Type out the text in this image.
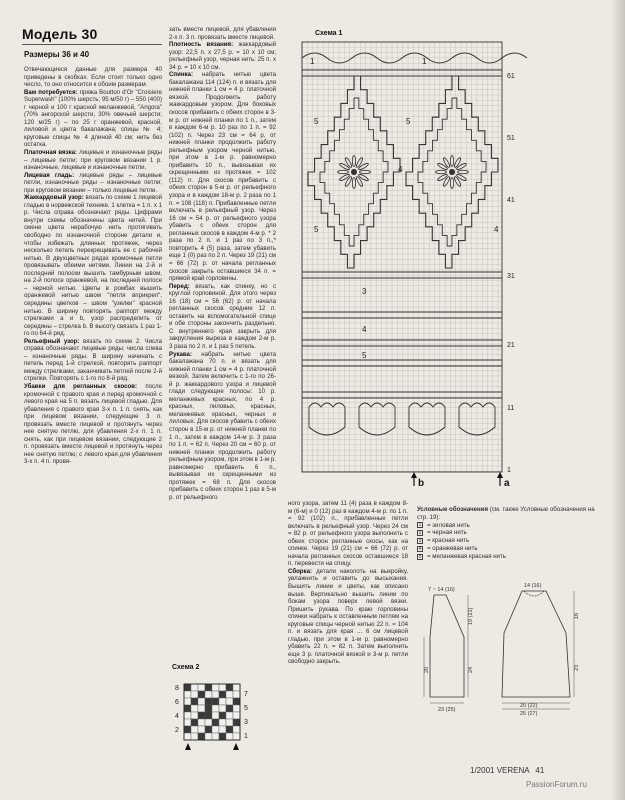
Модель 30
Размеры 36 и 40

Отвечающиеся данные для размера 40 приведены в скобках. Если стоит только одно число, то оно относится к обоим размерам.

Вам потребуется: пряжа Boutton d'Or "Croisiere Superwash" (100% шерсть; 95 м/50 г) – 550 (400) г черной и 100 г красной меланжевой, "Angora" (70% ангорской шерсти, 30% овечьей шерсти; 120 м/25 г) – по 25 г оранжевой, красной, лиловой и цвета бакалажана; спицы № 4; круговые спицы № 4 длиной 40 см; нить без остатка.

Платочная вязка: лицевые и изнаночные ряды – лицевые петли; при круговом вязании 1 р. изнаночные, лицевые и изнаночные петли.

Лицевая гладь: лицевые ряды – лицевые петли, изнаночные ряды – изнаночные петли; при круговом вязании – только лицевые петли.

Жаккардовый узор: вязать по схеме 1 лицевой гладью в норвежской технике. 1 клетка = 1 п. х 1 р. Числа справа обозначают ряды. Цифрами внутри схемы обозначены цвета нитей. При смене цвета нерабочую нить протягивать свободно по изнаночной стороне детали и, чтобы избежать длинных протяжек, через несколько петель перекрещивать ее с рабочей нитью. В двухцветных рядах кромочные петли провязывать обеими нитями. Линии на 2-й и последний полоски вышить тамбурным швом, на 2-й полосе оранжевой, на последней полосе – черной нитью. Цветы в ромбах вышить оранжевой нитью швом "петля вприкреп", середины цветков – швом "узелки" красной нитью. В ширину повторять раппорт между стрелками a и b, узор распределить от середины – стрелка b. В высоту связать 1 раз 1-го по 64-й ряд.

Рельефный узор: вязать по схеме 2. Числа справа обозначают лицевые ряды; числа слева – изнаночные ряды. В ширину начинать с петель перед 1-й стрелкой, повторять раппорт между стрелками, заканчивать петлей после 2-й стрелки. Повторять с 1-го по 8-й ряд.

Убавки для регланных скосов: после кромочной с правого края и перед кромочной с левого края на 5 п. вязать лицевой гладью. Для убавления с правого края 3-х п. 1 п. снять, как при лицевом вязании, следующие 3 п. провязать вместе лицевой и протянуть через нее снятую петлю, для убавления 2-х п. 1 п. снять, как при лицевом вязании, следующие 2 п. провязать вместе лицевой и протянуть через нее снятую петлю; с левого края для убавления 3-х п. 4 п. провя-

зать вместе лицевой, для убавления 2-х п. 3 п. провязать вместе лицевой.

Плотность вязания: жаккардовый узор: 22,5 п. х 27,5 р. = 10 х 10 см; рельефный узор, черная нить: 25 п. х 34 р. = 10 х 10 см.

Спинка: набрать нитью цвета бакалажана 114 (124) п. и вязать для нижней планки 1 см = 4 р. платочной вязкой. Продолжить работу жаккардовым узором. Для боковых скосов прибавить с обеих сторон в 3-м р. от нижней планки по 1 п., затем в каждом 6-м р. 10 раз по 1 п. = 92 (102) п. Через 23 см = 64 р. от нижней планки продолжить работу рельефным узором черной нитью, при этом в 1-м р. равномерно прибавить 10 п., вывязывая их скрещенными из протяжек = 102 (112) п. Для скосов прибавить с обеих сторон в 5-м р. от рельефного узора и в каждом 18-м р. 2 раза по 1 п. = 108 (118) п. Прибавленные петли включать в рельефный узор. Через 16 см = 54 р. от рельефного узора убавить с обеих сторон для регланных скосов в каждом 4-м р. * 2 раза по 2 п. и 1 раз по 3 п.,* повторить 4 (5) раза, затем убавить еще 1 (0) раз по 2 п. Через 19 (21) см = 66 (72) р. от начала регланных скосов закрыть оставшиеся 34 п. = прямой край горловины.

Перед: вязать, как спинку, но с круглой горловиной. Для этого через 16 (18) см = 56 (62) р. от начала регланных скосов средние 12 п. оставить на вспомогательной спице и обе стороны закончить раздельно. С внутреннего края закрыть для закругления выреза в каждом 2-м р. 3 раза по 2 п. и 1 раз 5 петель.

Рукава: набрать нитью цвета бакалажана 70 п. и вязать для нижней планки 1 см = 4 р. платочной вязкой. Затем включить с 1-го по 26-й р. жаккардового узора и лицевой глади следующие полосы: 10 р. меланжевых красных, по 4 р. красных, лиловых, красных, меланжевых красных, черных и лиловых. Для скосов убавить с обеих сторон в 15-м р. от нижней планки по 1 п., затем в каждом 14-м р. 3 раза по 1 п. = 62 п. Через 20 см = 60 р. от нижней планки продолжить работу рельефным узором, при этом в 1-м р. равномерно прибавить 6 п., вывязывая их скрещенными из протяжек = 68 п. Для скосов прибавить с обеих сторон 1 раз в 5-м р. от рельефного

ного узора, затем 11 (4) раза в каждом 8-м (6-м) и 0 (12) раз в каждом 4-м р. по 1 п. = 92 (102) п., прибавленные петли включать в рельефный узор. Через 24 см = 82 р. от рельефного узора выполнить с обеих сторон регланные скосы, как на спинке. Через 19 (21) см = 66 (72) р. от начала регланных скосов оставшиеся 18 п. перевести на спицу.

Сборка: детали наколоть на выкройку, увлажнить и оставить до высыхания. Вышить линии и цветы, как описано выше. Вертикально вышить линии по бокам узора поверх левой вязки. Пришить рукава. По краю горловины спинки набрать к оставленным петлям на круговые спицы черной нитью 22 п. = 104 п. и вязать для края ... 6 см лицевой гладью, при этом в 1-м р. равномерно убавить 22 п. = 82 п. Затем выполнить еще 3 р. платочной вязкой и 3-м р. петли свободно закрыть.

Схема 1
5	5
4
5	4
1	1
3
4
5
61
51
41
31
21
11
1
b	a
Схема 2
7
5
3
1
8
6
4
2
Условные обозначения (см. также Условные обозначения на стр. 19):
1 = зиловая нить
2 = черная нить
3 = красная нить
4 = оранжевая нить
5 = меланжевая красная нить
7 ~ 14 (16)
14 (16)
19 (21)
24
20
16
23
23 (25)
20 (22)
25 (27)
1/2001 VERENA 41
PassionForum.ru
